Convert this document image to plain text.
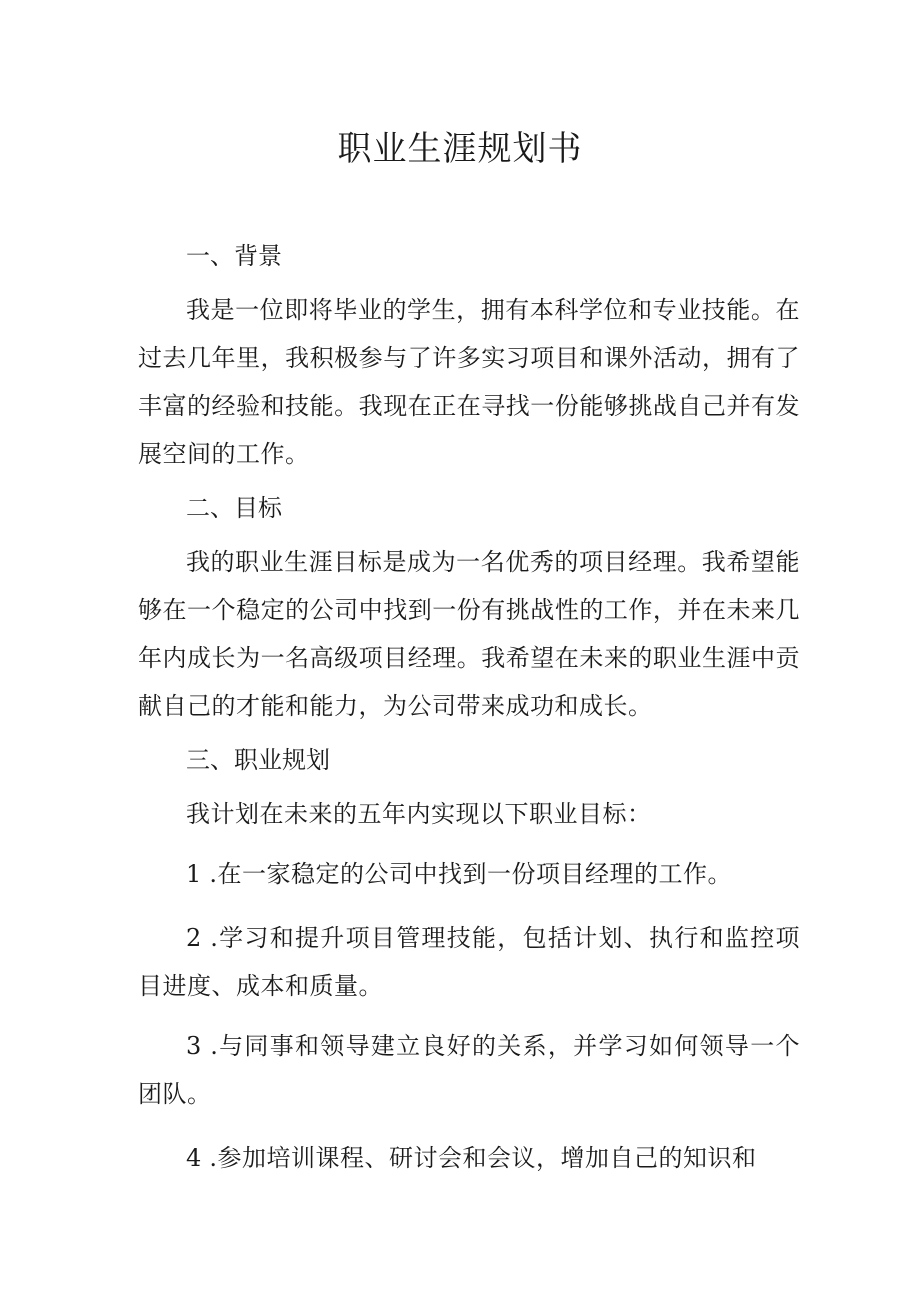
职业生涯规划书

一、背景

我是一位即将毕业的学生，拥有本科学位和专业技能。在过去几年里，我积极参与了许多实习项目和课外活动，拥有了丰富的经验和技能。我现在正在寻找一份能够挑战自己并有发展空间的工作。

二、目标

我的职业生涯目标是成为一名优秀的项目经理。我希望能够在一个稳定的公司中找到一份有挑战性的工作，并在未来几年内成长为一名高级项目经理。我希望在未来的职业生涯中贡献自己的才能和能力，为公司带来成功和成长。

三、职业规划

我计划在未来的五年内实现以下职业目标：

1 .在一家稳定的公司中找到一份项目经理的工作。

2 .学习和提升项目管理技能，包括计划、执行和监控项目进度、成本和质量。

3 .与同事和领导建立良好的关系，并学习如何领导一个团队。

4 .参加培训课程、研讨会和会议，增加自己的知识和
